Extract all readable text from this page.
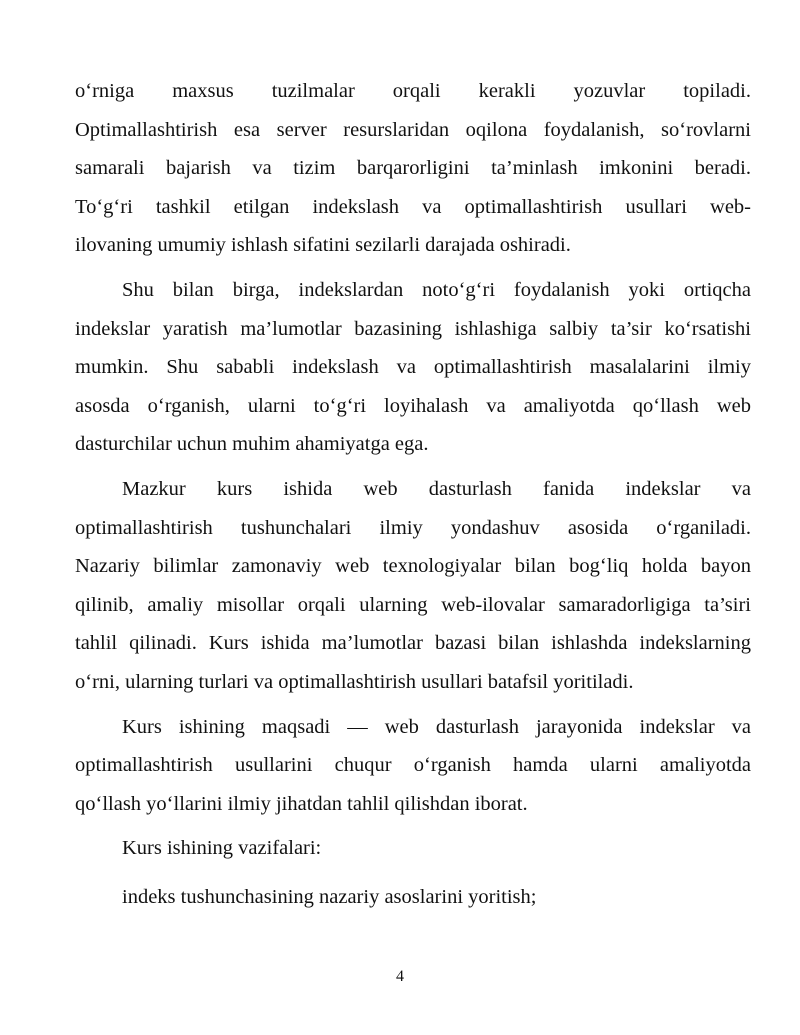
o‘rniga maxsus tuzilmalar orqali kerakli yozuvlar topiladi.
Optimallashtirish esa server resurslaridan oqilona foydalanish, so‘rovlarni
samarali bajarish va tizim barqarorligini ta’minlash imkonini beradi.
To‘g‘ri tashkil etilgan indekslash va optimallashtirish usullari web-
ilovaning umumiy ishlash sifatini sezilarli darajada oshiradi.

Shu bilan birga, indekslardan noto‘g‘ri foydalanish yoki ortiqcha
indekslar yaratish ma’lumotlar bazasining ishlashiga salbiy ta’sir ko‘rsatishi
mumkin. Shu sababli indekslash va optimallashtirish masalalarini ilmiy
asosda o‘rganish, ularni to‘g‘ri loyihalash va amaliyotda qo‘llash web
dasturchilar uchun muhim ahamiyatga ega.

Mazkur kurs ishida web dasturlash fanida indekslar va
optimallashtirish tushunchalari ilmiy yondashuv asosida o‘rganiladi.
Nazariy bilimlar zamonaviy web texnologiyalar bilan bog‘liq holda bayon
qilinib, amaliy misollar orqali ularning web-ilovalar samaradorligiga ta’siri
tahlil qilinadi. Kurs ishida ma’lumotlar bazasi bilan ishlashda indekslarning
o‘rni, ularning turlari va optimallashtirish usullari batafsil yoritiladi.

Kurs ishining maqsadi — web dasturlash jarayonida indekslar va
optimallashtirish usullarini chuqur o‘rganish hamda ularni amaliyotda
qo‘llash yo‘llarini ilmiy jihatdan tahlil qilishdan iborat.

Kurs ishining vazifalari:

indeks tushunchasining nazariy asoslarini yoritish;

4
